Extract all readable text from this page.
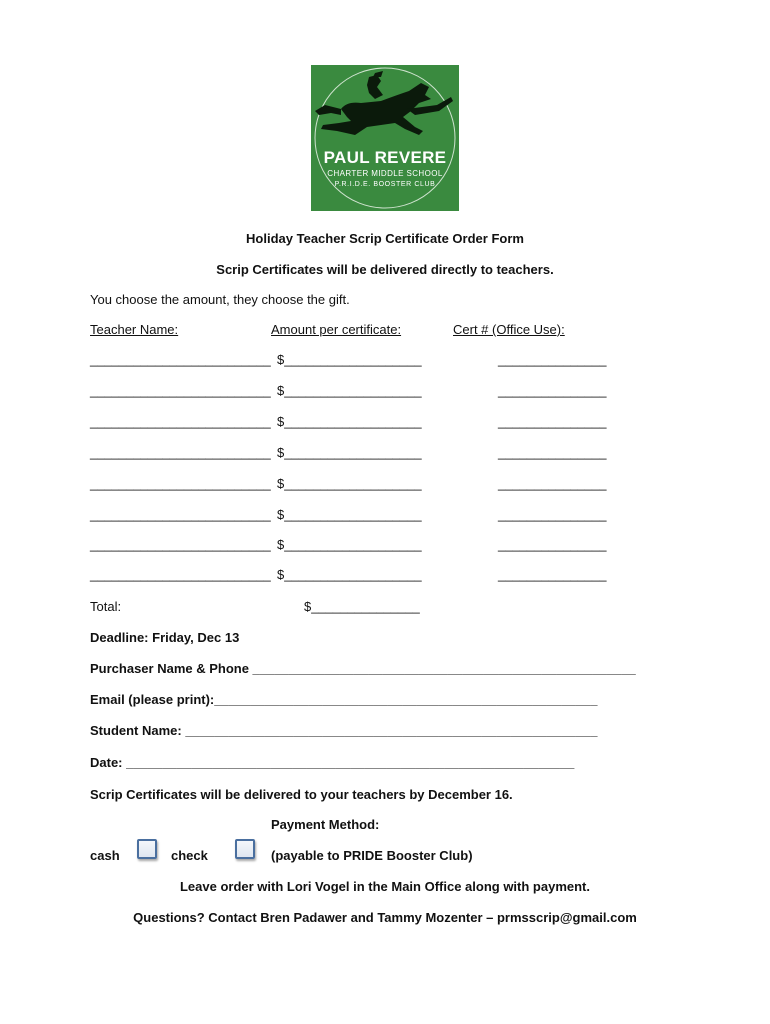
PAUL REVERE
CHARTER MIDDLE SCHOOL
P.R.I.D.E. BOOSTER CLUB
Holiday Teacher Scrip Certificate Order Form
Scrip Certificates will be delivered directly to teachers.
You choose the amount, they choose the gift.
Teacher Name:	Amount per certificate:	Cert # (Office Use):
_________________________ $___________________	_______________
_________________________ $___________________	_______________
_________________________ $___________________	_______________
_________________________ $___________________	_______________
_________________________ $___________________	_______________
_________________________ $___________________	_______________
_________________________ $___________________	_______________
_________________________ $___________________	_______________
Total:	$_______________
Deadline: Friday, Dec 13
Purchaser Name & Phone _____________________________________________________
Email (please print):_____________________________________________________
Student Name: _________________________________________________________
Date: ______________________________________________________________
Scrip Certificates will be delivered to your teachers by December 16.
Payment Method:
cash	check	(payable to PRIDE Booster Club)
Leave order with Lori Vogel in the Main Office along with payment.
Questions? Contact Bren Padawer and Tammy Mozenter – prmsscrip@gmail.com
